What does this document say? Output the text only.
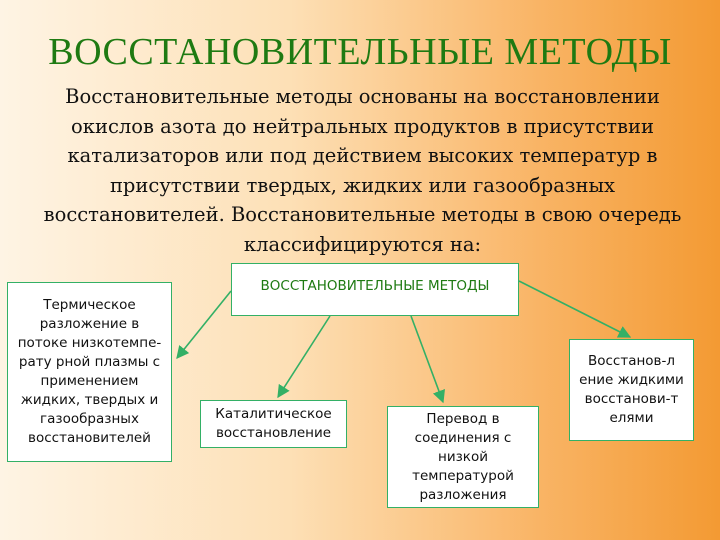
ВОССТАНОВИТЕЛЬНЫЕ МЕТОДЫ
Восстановительные методы основаны на восстановлении окислов азота до нейтральных продуктов в присутствии катализаторов или под действием высоких температур в присутствии твердых, жидких или газообразных восстановителей. Восстановительные методы в свою очередь классифицируются на:
ВОССТАНОВИТЕЛЬНЫЕ МЕТОДЫ
Термическое разложение в потоке низкотемпе-рату рной плазмы с применением жидких, твердых и газообразных восстановителей
Каталитическое восстановление
Перевод в соединения с низкой температурой разложения
Восстанов-л ение жидкими восстанови-т елями
